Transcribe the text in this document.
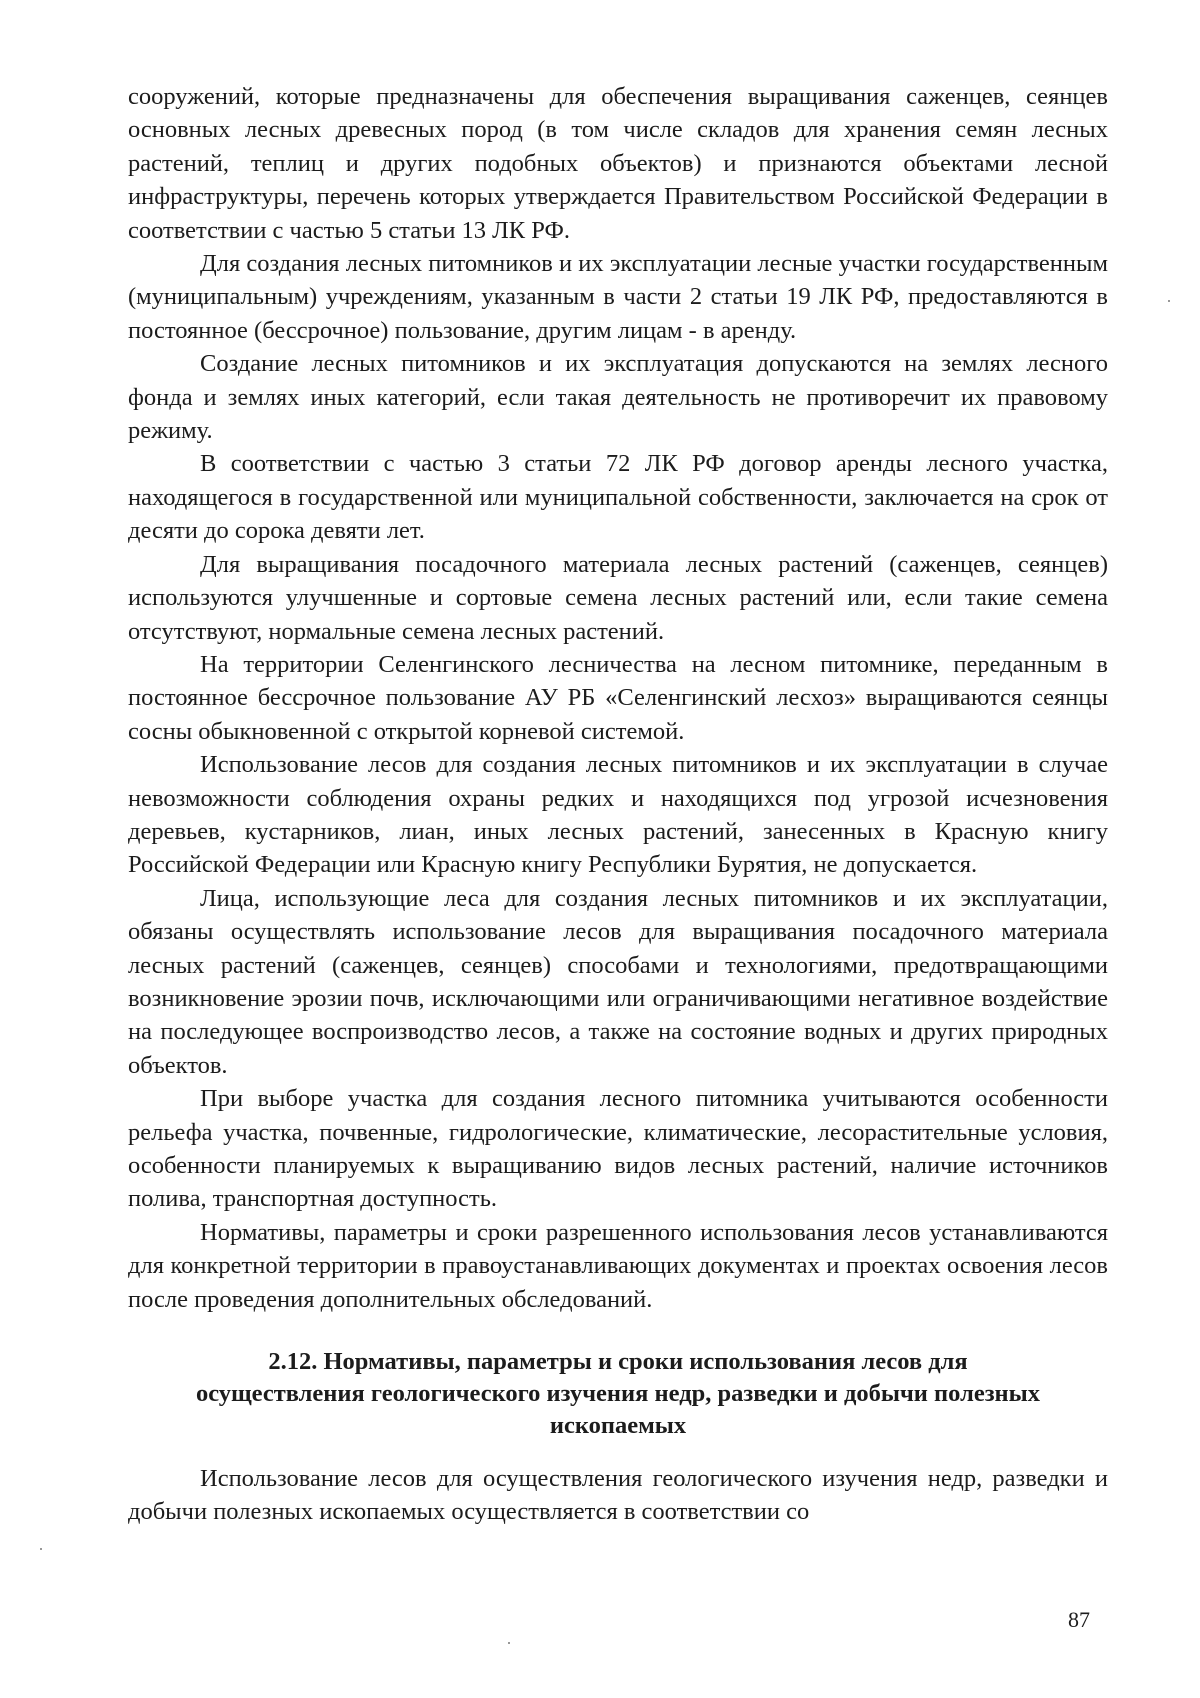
сооружений, которые предназначены для обеспечения выращивания саженцев, сеянцев основных лесных древесных пород (в том числе складов для хранения семян лесных растений, теплиц и других подобных объектов) и признаются объектами лесной инфраструктуры, перечень которых утверждается Правительством Российской Федерации в соответствии с частью 5 статьи 13 ЛК РФ.

Для создания лесных питомников и их эксплуатации лесные участки государственным (муниципальным) учреждениям, указанным в части 2 статьи 19 ЛК РФ, предоставляются в постоянное (бессрочное) пользование, другим лицам - в аренду.

Создание лесных питомников и их эксплуатация допускаются на землях лесного фонда и землях иных категорий, если такая деятельность не противоречит их правовому режиму.

В соответствии с частью 3 статьи 72 ЛК РФ договор аренды лесного участка, находящегося в государственной или муниципальной собственности, заключается на срок от десяти до сорока девяти лет.

Для выращивания посадочного материала лесных растений (саженцев, сеянцев) используются улучшенные и сортовые семена лесных растений или, если такие семена отсутствуют, нормальные семена лесных растений.

На территории Селенгинского лесничества на лесном питомнике, переданным в постоянное бессрочное пользование АУ РБ «Селенгинский лесхоз» выращиваются сеянцы сосны обыкновенной с открытой корневой системой.

Использование лесов для создания лесных питомников и их эксплуатации в случае невозможности соблюдения охраны редких и находящихся под угрозой исчезновения деревьев, кустарников, лиан, иных лесных растений, занесенных в Красную книгу Российской Федерации или Красную книгу Республики Бурятия, не допускается.

Лица, использующие леса для создания лесных питомников и их эксплуатации, обязаны осуществлять использование лесов для выращивания посадочного материала лесных растений (саженцев, сеянцев) способами и технологиями, предотвращающими возникновение эрозии почв, исключающими или ограничивающими негативное воздействие на последующее воспроизводство лесов, а также на состояние водных и других природных объектов.

При выборе участка для создания лесного питомника учитываются особенности рельефа участка, почвенные, гидрологические, климатические, лесорастительные условия, особенности планируемых к выращиванию видов лесных растений, наличие источников полива, транспортная доступность.

Нормативы, параметры и сроки разрешенного использования лесов устанавливаются для конкретной территории в правоустанавливающих документах и проектах освоения лесов после проведения дополнительных обследований.

2.12. Нормативы, параметры и сроки использования лесов для осуществления геологического изучения недр, разведки и добычи полезных ископаемых

Использование лесов для осуществления геологического изучения недр, разведки и добычи полезных ископаемых осуществляется в соответствии со

87
